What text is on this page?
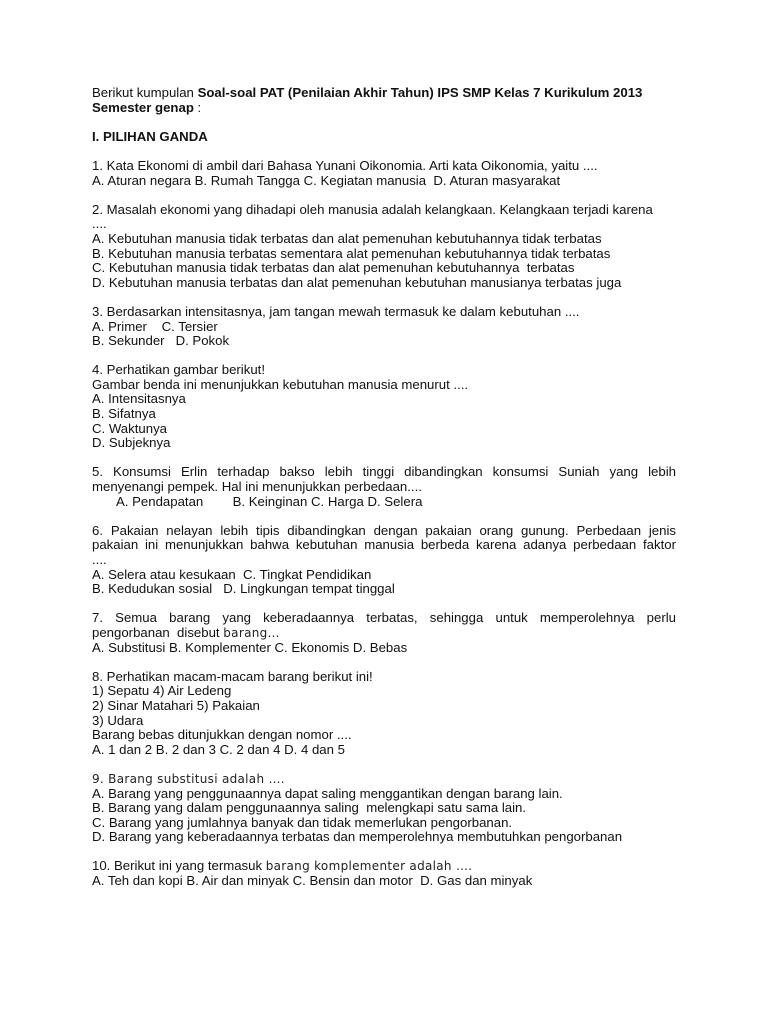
Berikut kumpulan Soal-soal PAT (Penilaian Akhir Tahun) IPS SMP Kelas 7 Kurikulum 2013
Semester genap :
I. PILIHAN GANDA
1. Kata Ekonomi di ambil dari Bahasa Yunani Oikonomia. Arti kata Oikonomia, yaitu ....
A. Aturan negara B. Rumah Tangga C. Kegiatan manusia  D. Aturan masyarakat
2. Masalah ekonomi yang dihadapi oleh manusia adalah kelangkaan. Kelangkaan terjadi karena
....
A. Kebutuhan manusia tidak terbatas dan alat pemenuhan kebutuhannya tidak terbatas
B. Kebutuhan manusia terbatas sementara alat pemenuhan kebutuhannya tidak terbatas
C. Kebutuhan manusia tidak terbatas dan alat pemenuhan kebutuhannya  terbatas
D. Kebutuhan manusia terbatas dan alat pemenuhan kebutuhan manusianya terbatas juga
3. Berdasarkan intensitasnya, jam tangan mewah termasuk ke dalam kebutuhan ....
A. Primer    C. Tersier
B. Sekunder   D. Pokok
4. Perhatikan gambar berikut!
Gambar benda ini menunjukkan kebutuhan manusia menurut ....
A. Intensitasnya
B. Sifatnya
C. Waktunya
D. Subjeknya
5. Konsumsi Erlin terhadap bakso lebih tinggi dibandingkan konsumsi Suniah yang lebih
menyenangi pempek. Hal ini menunjukkan perbedaan....
A. Pendapatan        B. Keinginan C. Harga D. Selera
6. Pakaian nelayan lebih tipis dibandingkan dengan pakaian orang gunung. Perbedaan jenis
pakaian ini menunjukkan bahwa kebutuhan manusia berbeda karena adanya perbedaan faktor
....
A. Selera atau kesukaan  C. Tingkat Pendidikan
B. Kedudukan sosial   D. Lingkungan tempat tinggal
7. Semua barang yang keberadaannya terbatas, sehingga untuk memperolehnya perlu
pengorbanan  disebut barang…
A. Substitusi B. Komplementer C. Ekonomis D. Bebas
8. Perhatikan macam-macam barang berikut ini!
1) Sepatu 4) Air Ledeng
2) Sinar Matahari 5) Pakaian
3) Udara
Barang bebas ditunjukkan dengan nomor ....
A. 1 dan 2 B. 2 dan 3 C. 2 dan 4 D. 4 dan 5
9. Barang substitusi adalah ….
A. Barang yang penggunaannya dapat saling menggantikan dengan barang lain.
B. Barang yang dalam penggunaannya saling  melengkapi satu sama lain.
C. Barang yang jumlahnya banyak dan tidak memerlukan pengorbanan.
D. Barang yang keberadaannya terbatas dan memperolehnya membutuhkan pengorbanan
10. Berikut ini yang termasuk barang komplementer adalah ….
A. Teh dan kopi B. Air dan minyak C. Bensin dan motor  D. Gas dan minyak
